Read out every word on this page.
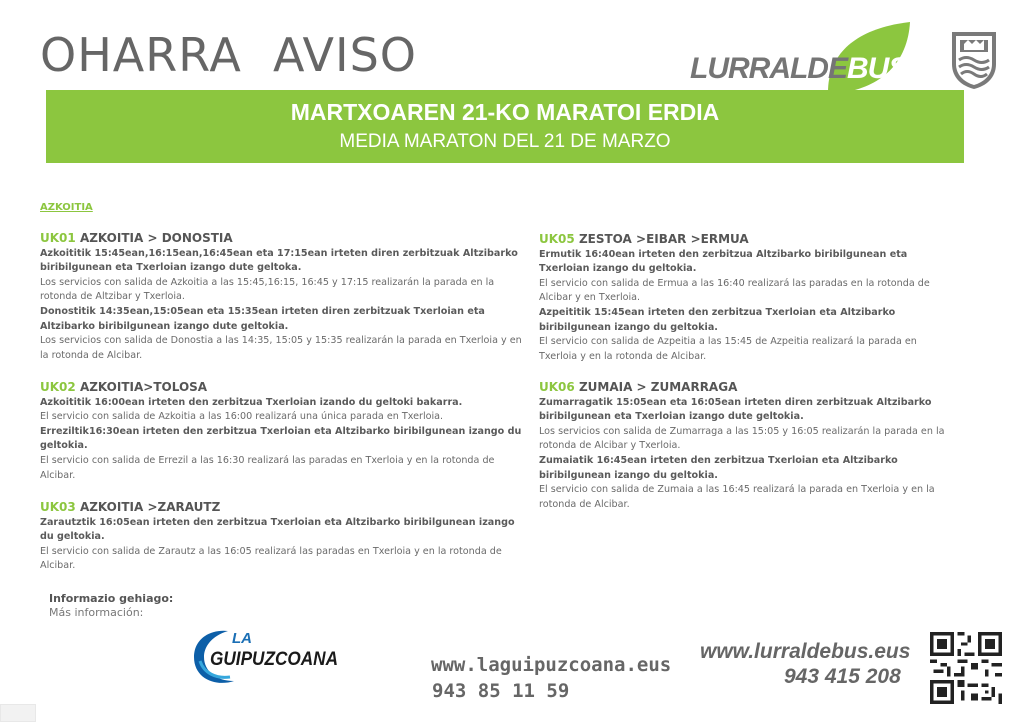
OHARRA  AVISO	LURRALDEBUS
MARTXOAREN 21-KO MARATOI ERDIA
MEDIA MARATON DEL 21 DE MARZO
AZKOITIA
UK01 AZKOITIA > DONOSTIA

Azkoititik 15:45ean,16:15ean,16:45ean eta 17:15ean irteten diren zerbitzuak Altzibarko biribilgunean eta Txerloian izango dute geltoka.

Los servicios con salida de Azkoitia a las 15:45,16:15, 16:45 y 17:15 realizarán la parada en la rotonda de Altzibar y Txerloia.

Donostitik 14:35ean,15:05ean eta 15:35ean irteten diren zerbitzuak Txerloian eta Altzibarko biribilgunean izango dute geltokia.

Los servicios con salida de Donostia a las 14:35, 15:05 y 15:35 realizarán la parada en Txerloia y en la rotonda de Alcibar.

UK02 AZKOITIA>TOLOSA

Azkoititik 16:00ean irteten den zerbitzua Txerloian izando du geltoki bakarra.

El servicio con salida de Azkoitia a las 16:00 realizará una única parada en Txerloia.

Erreziltik16:30ean irteten den zerbitzua Txerloian eta Altzibarko biribilgunean izango du geltokia.

El servicio con salida de Errezil a las 16:30 realizará las paradas en Txerloia y en la rotonda de Alcibar.

UK03 AZKOITIA >ZARAUTZ

Zarautztik 16:05ean irteten den zerbitzua Txerloian eta Altzibarko biribilgunean izango du geltokia.

El servicio con salida de Zarautz a las 16:05 realizará las paradas en Txerloia y en la rotonda de Alcibar.

UK05 ZESTOA >EIBAR >ERMUA

Ermutik 16:40ean irteten den zerbitzua Altzibarko biribilgunean eta Txerloian izango du geltokia.

El servicio con salida de Ermua a las 16:40 realizará las paradas en la rotonda de Alcibar y en Txerloia.

Azpeititik 15:45ean irteten den zerbitzua Txerloian eta Altzibarko biribilgunean izango du geltokia.

El servicio con salida de Azpeitia a las 15:45 de Azpeitia realizará la parada en Txerloia y en la rotonda de Alcibar.

UK06 ZUMAIA > ZUMARRAGA

Zumarragatik 15:05ean eta 16:05ean irteten diren zerbitzuak Altzibarko biribilgunean eta Txerloian izango dute geltokia.

Los servicios con salida de Zumarraga a las 15:05 y 16:05 realizarán la parada en la rotonda de Alcibar y Txerloia.

Zumaiatik 16:45ean irteten den zerbitzua Txerloian eta Altzibarko biribilgunean izango du geltokia.

El servicio con salida de Zumaia a las 16:45 realizará la parada en Txerloia y en la rotonda de Alcibar.

Informazio gehiago:
Más información:
LA
GUIPUZCOANA	www.laguipuzcoana.eus
943 85 11 59
www.lurraldebus.eus
943 415 208
